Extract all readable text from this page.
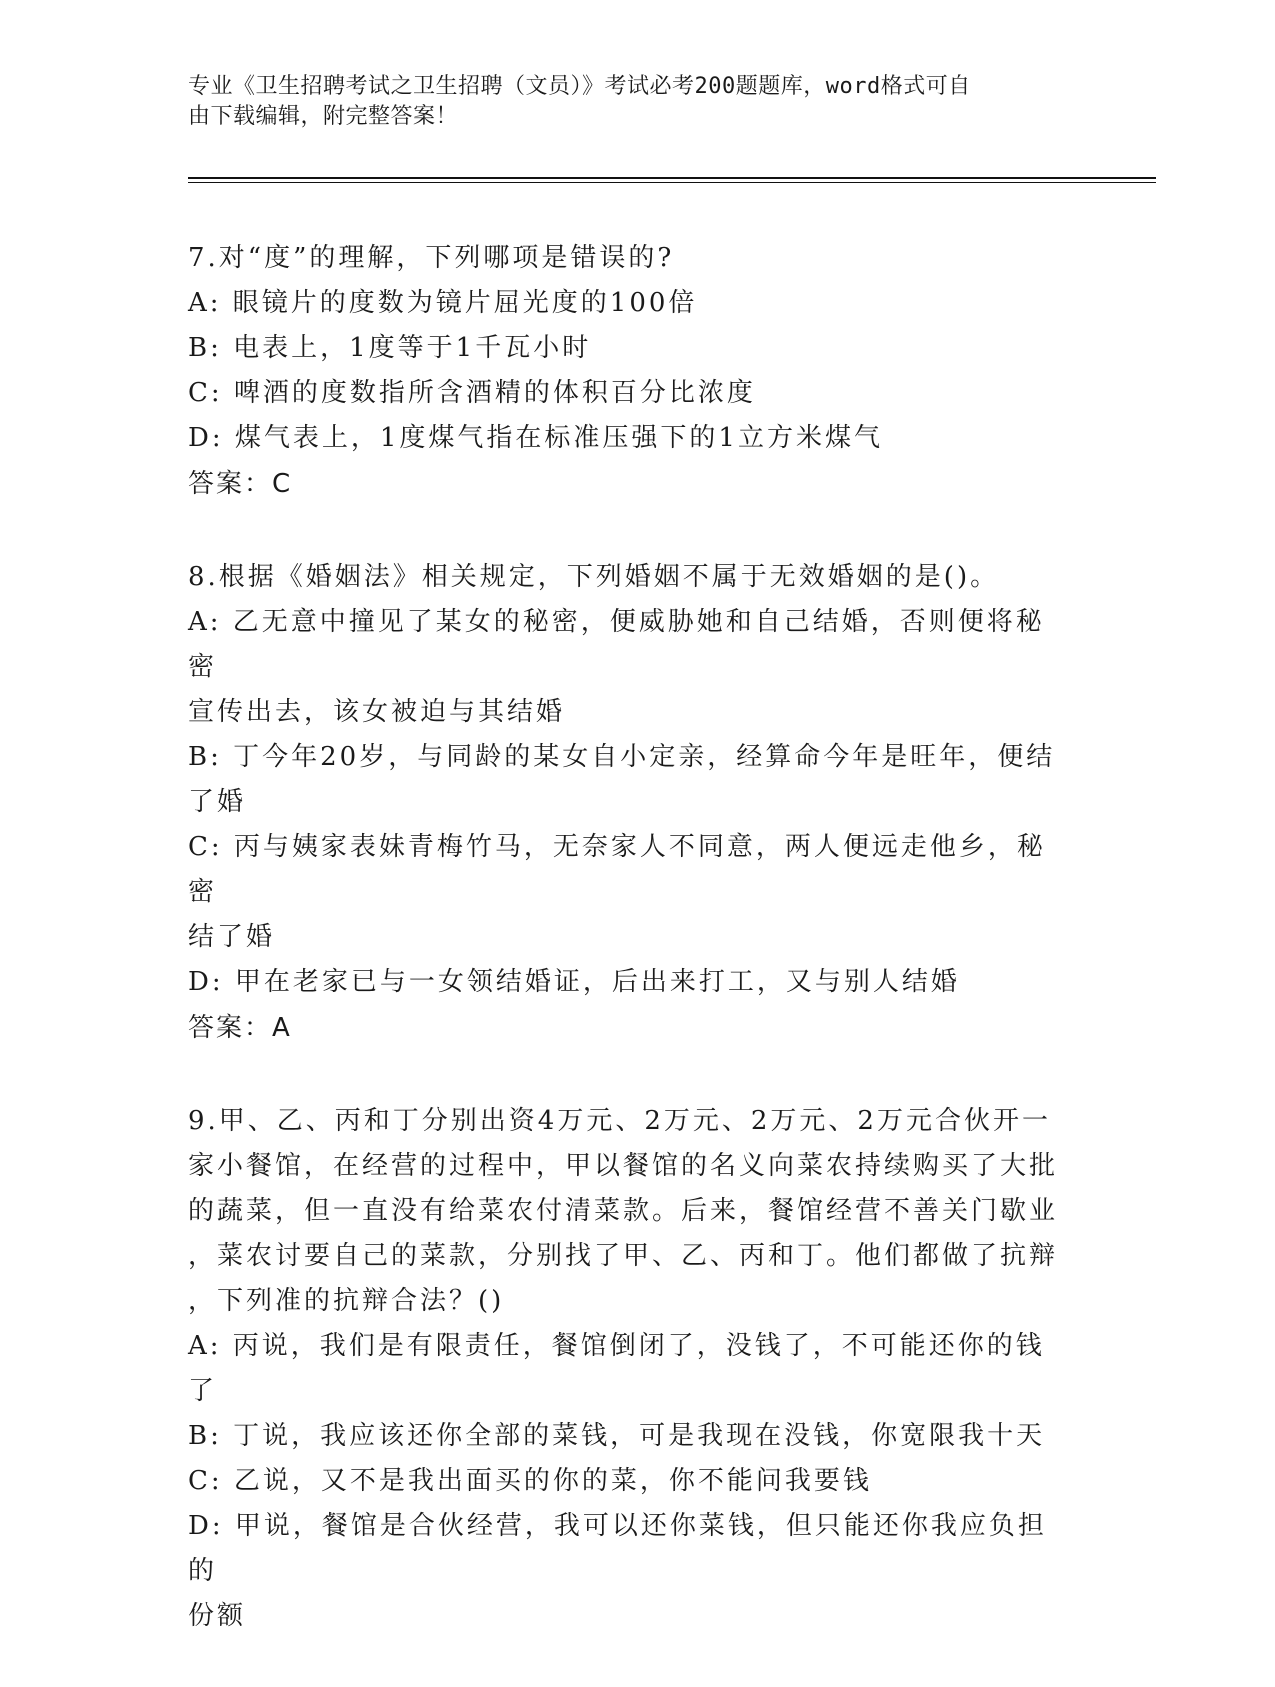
专业《卫生招聘考试之卫生招聘（文员）》考试必考200题题库，word格式可自
由下载编辑，附完整答案！

7.对“度”的理解，下列哪项是错误的?

A: 眼镜片的度数为镜片屈光度的100倍

B: 电表上，1度等于1千瓦小时

C: 啤酒的度数指所含酒精的体积百分比浓度

D: 煤气表上，1度煤气指在标准压强下的1立方米煤气

答案：C

8.根据《婚姻法》相关规定，下列婚姻不属于无效婚姻的是()。

A: 乙无意中撞见了某女的秘密，便威胁她和自己结婚，否则便将秘密

宣传出去，该女被迫与其结婚

B: 丁今年20岁，与同龄的某女自小定亲，经算命今年是旺年，便结

了婚

C: 丙与姨家表妹青梅竹马，无奈家人不同意，两人便远走他乡，秘密

结了婚

D: 甲在老家已与一女领结婚证，后出来打工，又与别人结婚

答案：A

9.甲、乙、丙和丁分别出资4万元、2万元、2万元、2万元合伙开一

家小餐馆，在经营的过程中，甲以餐馆的名义向菜农持续购买了大批

的蔬菜，但一直没有给菜农付清菜款。后来，餐馆经营不善关门歇业

，菜农讨要自己的菜款，分别找了甲、乙、丙和丁。他们都做了抗辩

，下列准的抗辩合法？()

A: 丙说，我们是有限责任，餐馆倒闭了，没钱了，不可能还你的钱了

B: 丁说，我应该还你全部的菜钱，可是我现在没钱，你宽限我十天

C: 乙说，又不是我出面买的你的菜，你不能问我要钱

D: 甲说，餐馆是合伙经营，我可以还你菜钱，但只能还你我应负担的

份额
